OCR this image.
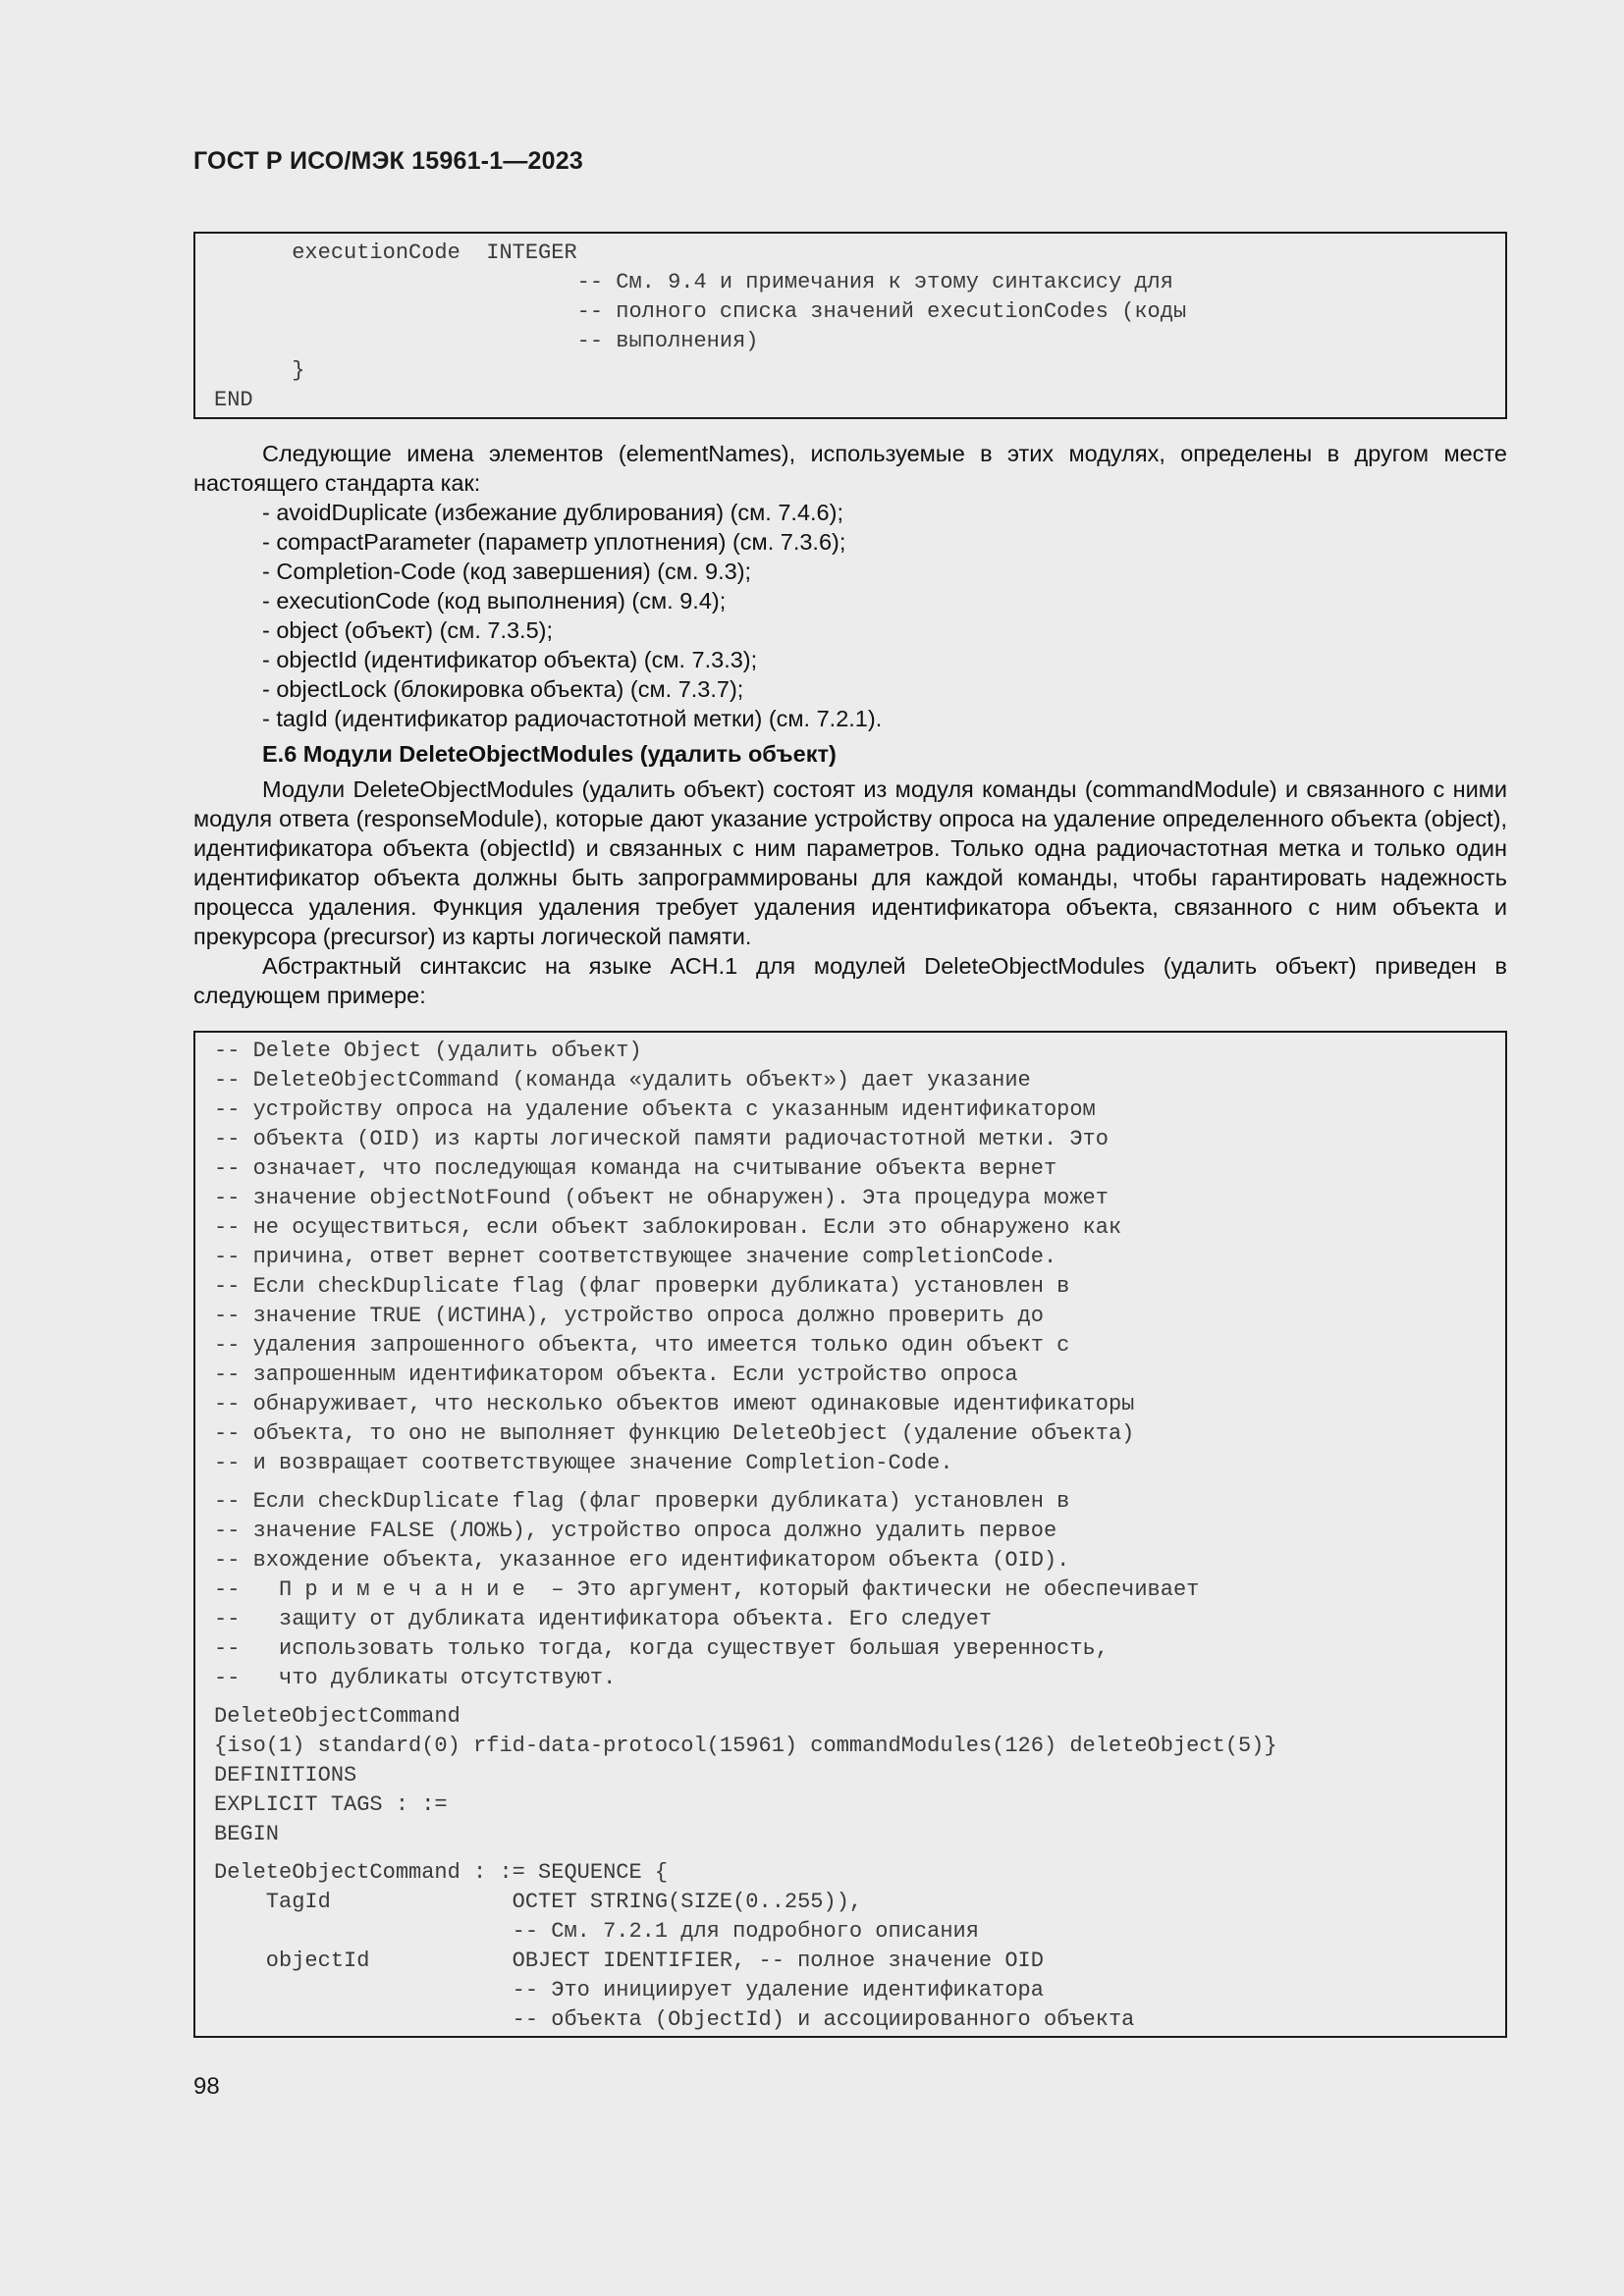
ГОСТ Р ИСО/МЭК 15961-1—2023
executionCode  INTEGER
-- См. 9.4 и примечания к этому синтаксису для
-- полного списка значений executionCodes (коды
-- выполнения)
}
END

Следующие имена элементов (elementNames), используемые в этих модулях, определены в другом месте настоящего стандарта как:

- avoidDuplicate (избежание дублирования) (см. 7.4.6);
- compactParameter (параметр уплотнения) (см. 7.3.6);
- Completion-Code (код завершения) (см. 9.3);
- executionCode (код выполнения) (см. 9.4);
- object (объект) (см. 7.3.5);
- objectId (идентификатор объекта) (см. 7.3.3);
- objectLock (блокировка объекта) (см. 7.3.7);
- tagId (идентификатор радиочастотной метки) (см. 7.2.1).
Е.6 Модули DeleteObjectModules (удалить объект)

Модули DeleteObjectModules (удалить объект) состоят из модуля команды (commandModule) и связанного с ними модуля ответа (responseModule), которые дают указание устройству опроса на удаление определенного объекта (object), идентификатора объекта (objectId) и связанных с ним параметров. Только одна радиочастотная метка и только один идентификатор объекта должны быть запрограммированы для каждой команды, чтобы гарантировать надежность процесса удаления. Функция удаления требует удаления идентификатора объекта, связанного с ним объекта и прекурсора (precursor) из карты логической памяти.

Абстрактный синтаксис на языке АСН.1 для модулей DeleteObjectModules (удалить объект) приведен в следующем примере:

-- Delete Object (удалить объект)
-- DeleteObjectCommand (команда «удалить объект») дает указание
-- устройству опроса на удаление объекта с указанным идентификатором
-- объекта (OID) из карты логической памяти радиочастотной метки. Это
-- означает, что последующая команда на считывание объекта вернет
-- значение objectNotFound (объект не обнаружен). Эта процедура может
-- не осуществиться, если объект заблокирован. Если это обнаружено как
-- причина, ответ вернет соответствующее значение completionCode.
-- Если checkDuplicate flag (флаг проверки дубликата) установлен в
-- значение TRUE (ИСТИНА), устройство опроса должно проверить до
-- удаления запрошенного объекта, что имеется только один объект с
-- запрошенным идентификатором объекта. Если устройство опроса
-- обнаруживает, что несколько объектов имеют одинаковые идентификаторы
-- объекта, то оно не выполняет функцию DeleteObject (удаление объекта)
-- и возвращает соответствующее значение Completion-Code.
-- Если checkDuplicate flag (флаг проверки дубликата) установлен в
-- значение FALSE (ЛОЖЬ), устройство опроса должно удалить первое
-- вхождение объекта, указанное его идентификатором объекта (OID).
--   П р и м е ч а н и е  – Это аргумент, который фактически не обеспечивает
--   защиту от дубликата идентификатора объекта. Его следует
--   использовать только тогда, когда существует большая уверенность,
--   что дубликаты отсутствуют.
DeleteObjectCommand
{iso(1) standard(0) rfid-data-protocol(15961) commandModules(126) deleteObject(5)}
DEFINITIONS
EXPLICIT TAGS : :=
BEGIN
DeleteObjectCommand : := SEQUENCE {
TagId              OCTET STRING(SIZE(0..255)),
-- См. 7.2.1 для подробного описания
objectId           OBJECT IDENTIFIER, -- полное значение OID
-- Это инициирует удаление идентификатора
-- объекта (ObjectId) и ассоциированного объекта
98
